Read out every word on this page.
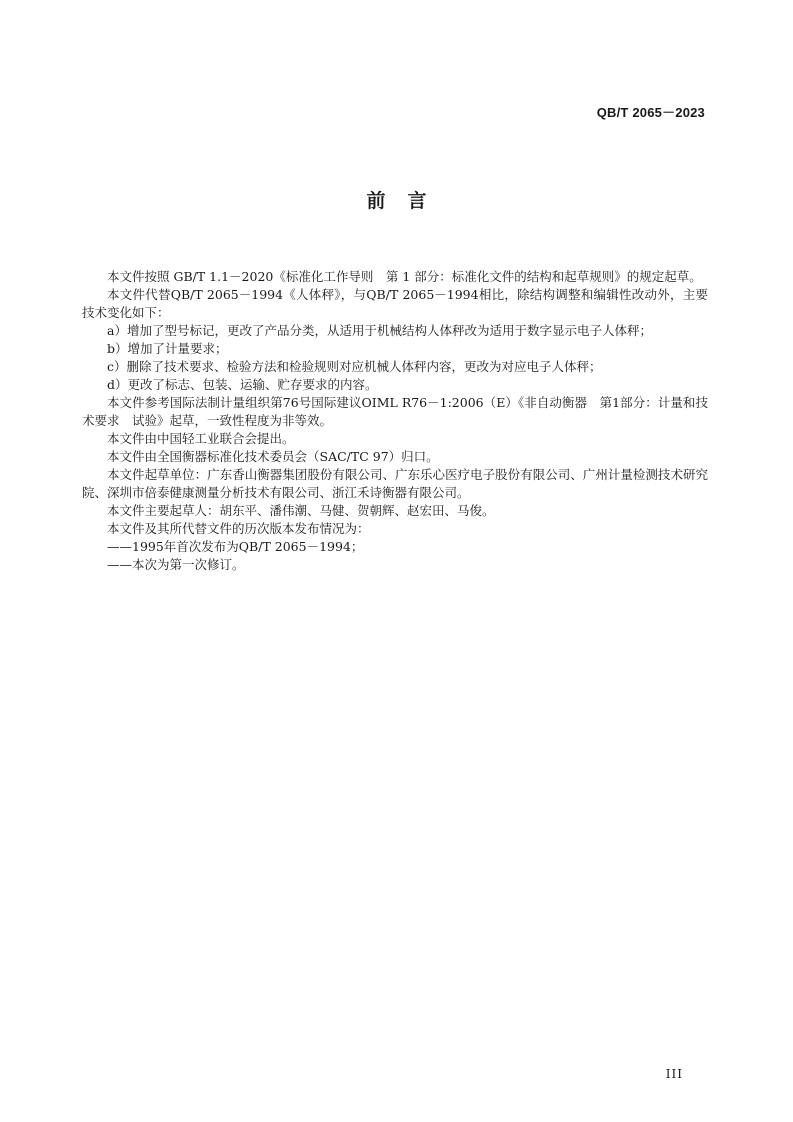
QB/T 2065－2023
前言

本文件按照 GB/T 1.1－2020《标准化工作导则　第 1 部分：标准化文件的结构和起草规则》的规定起草。

本文件代替QB/T 2065－1994《人体秤》，与QB/T 2065－1994相比，除结构调整和编辑性改动外，主要技术变化如下：

a）增加了型号标记，更改了产品分类，从适用于机械结构人体秤改为适用于数字显示电子人体秤；

b）增加了计量要求；

c）删除了技术要求、检验方法和检验规则对应机械人体秤内容，更改为对应电子人体秤；

d）更改了标志、包装、运输、贮存要求的内容。

本文件参考国际法制计量组织第76号国际建议OIML R76－1:2006（E）《非自动衡器　第1部分：计量和技术要求　试验》起草，一致性程度为非等效。

本文件由中国轻工业联合会提出。

本文件由全国衡器标准化技术委员会（SAC/TC 97）归口。

本文件起草单位：广东香山衡器集团股份有限公司、广东乐心医疗电子股份有限公司、广州计量检测技术研究院、深圳市倍泰健康测量分析技术有限公司、浙江禾诗衡器有限公司。

本文件主要起草人：胡东平、潘伟潮、马健、贺朝辉、赵宏田、马俊。

本文件及其所代替文件的历次版本发布情况为：

——1995年首次发布为QB/T 2065－1994；

——本次为第一次修订。

III
